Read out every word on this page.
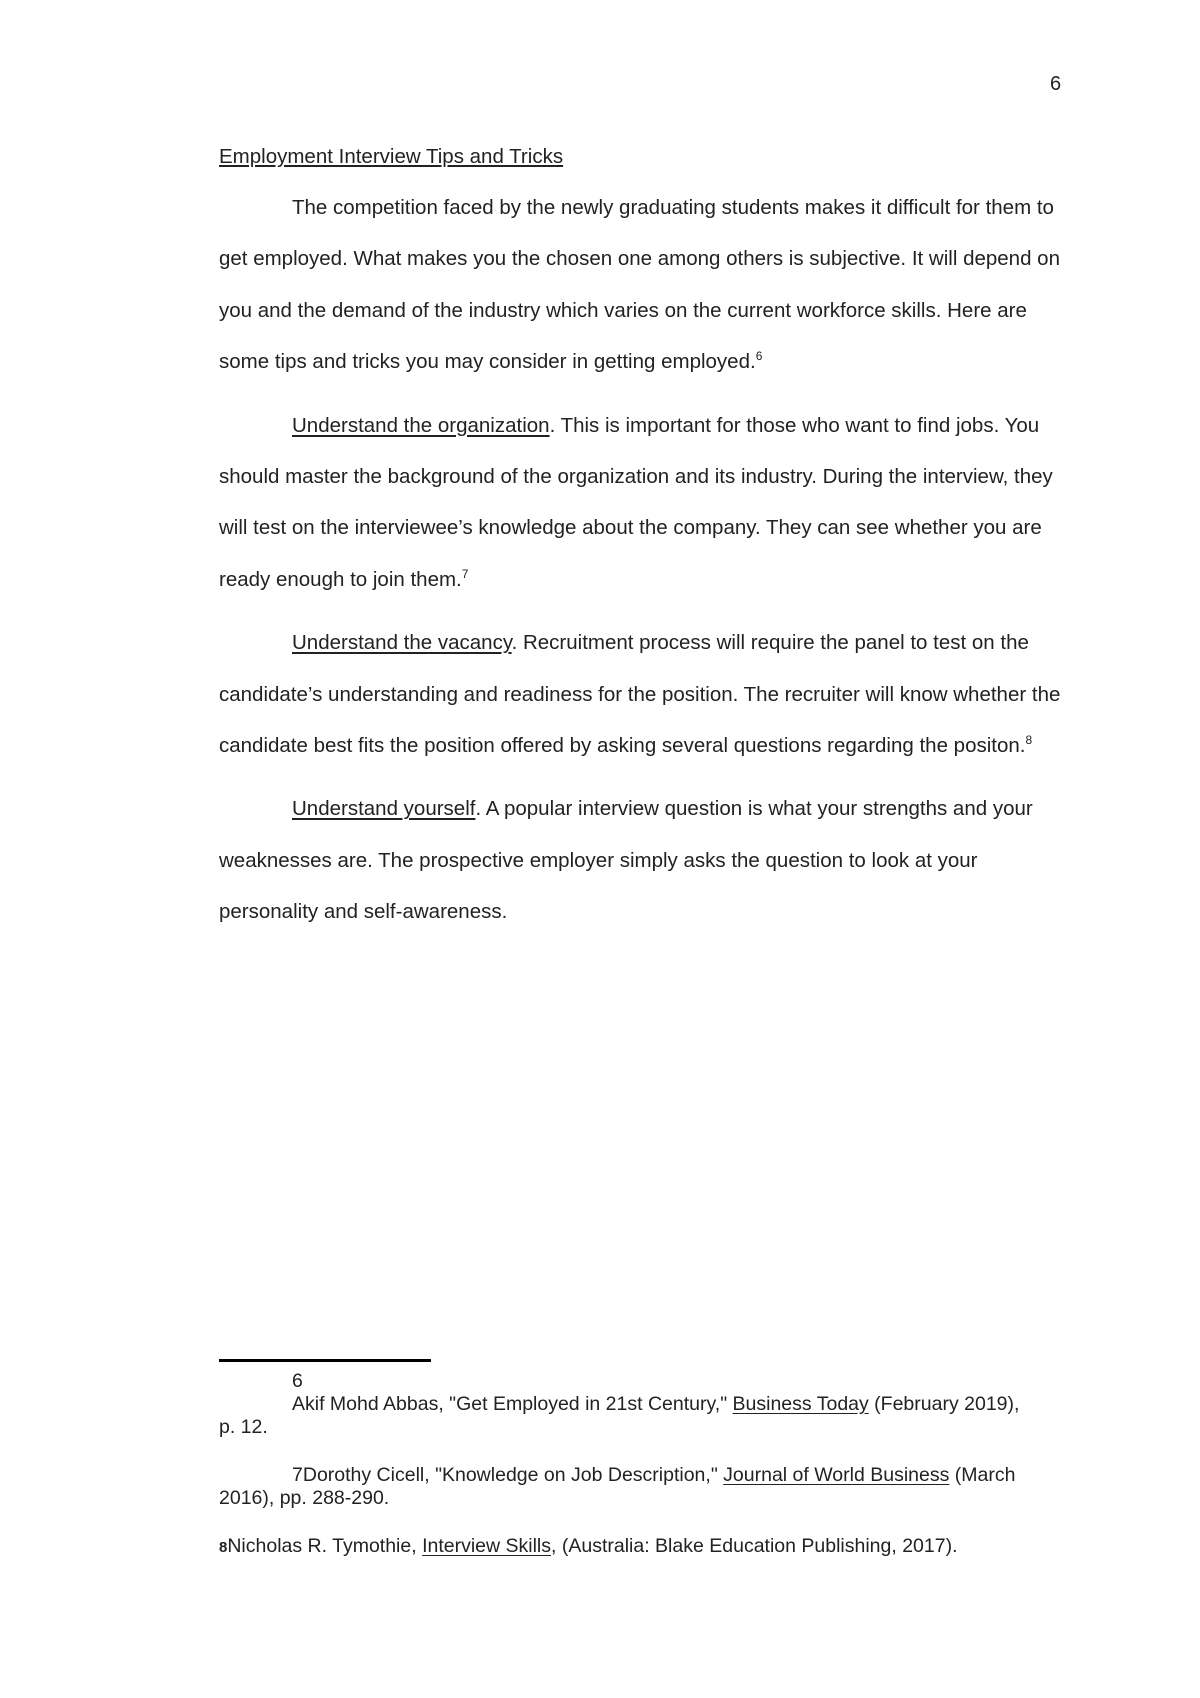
6

Employment Interview Tips and Tricks

The competition faced by the newly graduating students makes it difficult for them to get employed. What makes you the chosen one among others is subjective. It will depend on you and the demand of the industry which varies on the current workforce skills. Here are some tips and tricks you may consider in getting employed.$^6$

Understand the organization. This is important for those who want to find jobs. You should master the background of the organization and its industry. During the interview, they will test on the interviewee’s knowledge about the company. They can see whether you are ready enough to join them.$^7$

Understand the vacancy. Recruitment process will require the panel to test on the candidate’s understanding and readiness for the position. The recruiter will know whether the candidate best fits the position offered by asking several questions regarding the positon.$^8$

Understand yourself. A popular interview question is what your strengths and your weaknesses are. The prospective employer simply asks the question to look at your personality and self-awareness.

6
Akif Mohd Abbas, "Get Employed in 21st Century," Business Today (February 2019),
p. 12.
7Dorothy Cicell, "Knowledge on Job Description," Journal of World Business (March
2016), pp. 288-290.
8Nicholas R. Tymothie, Interview Skills, (Australia: Blake Education Publishing, 2017).
